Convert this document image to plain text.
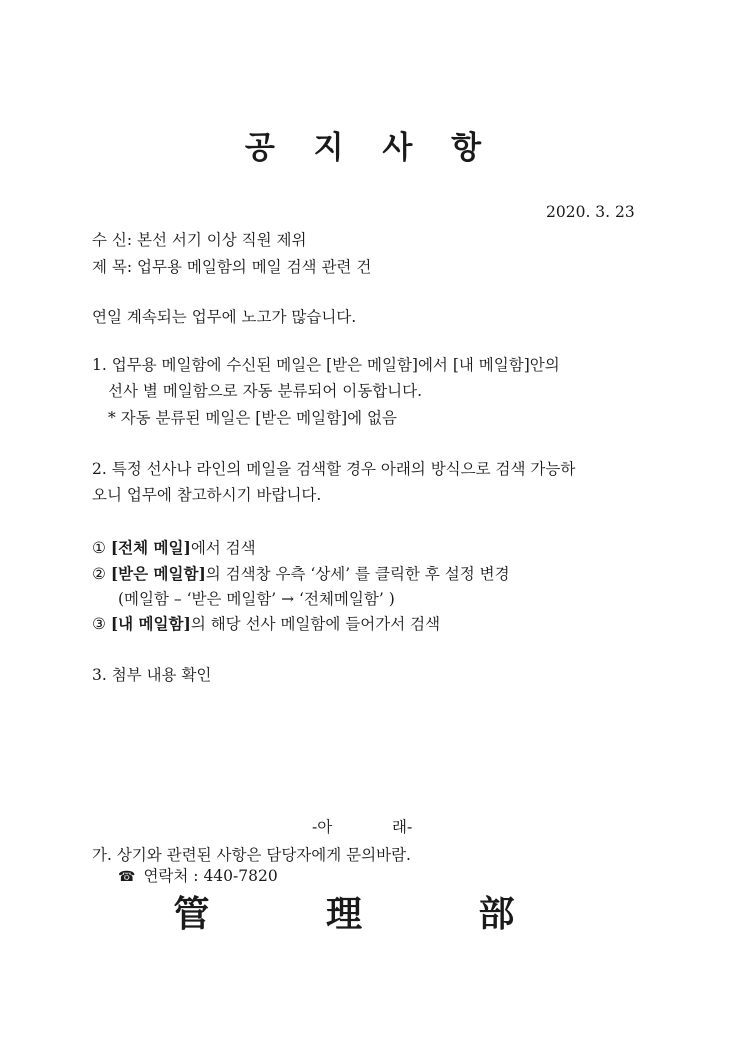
공 지 사 항
2020. 3. 23
수 신: 본선 서기 이상 직원 제위
제 목: 업무용 메일함의 메일 검색 관련 건
연일 계속되는 업무에 노고가 많습니다.
1. 업무용 메일함에 수신된 메일은 [받은 메일함]에서 [내 메일함]안의
선사 별 메일함으로 자동 분류되어 이동합니다.
* 자동 분류된 메일은 [받은 메일함]에 없음
2. 특정 선사나 라인의 메일을 검색할 경우 아래의 방식으로 검색 가능하
오니 업무에 참고하시기 바랍니다.
① [전체 메일]에서 검색
② [받은 메일함]의 검색창 우측 ‘상세’ 를 클릭한 후 설정 변경
(메일함 – ‘받은 메일함’ → ‘전체메일함’ )
③ [내 메일함]의 해당 선사 메일함에 들어가서 검색
3. 첨부 내용 확인
-아	래-
가. 상기와 관련된 사항은 담당자에게 문의바람.
☎ 연락처 : 440-7820
管 理 部
